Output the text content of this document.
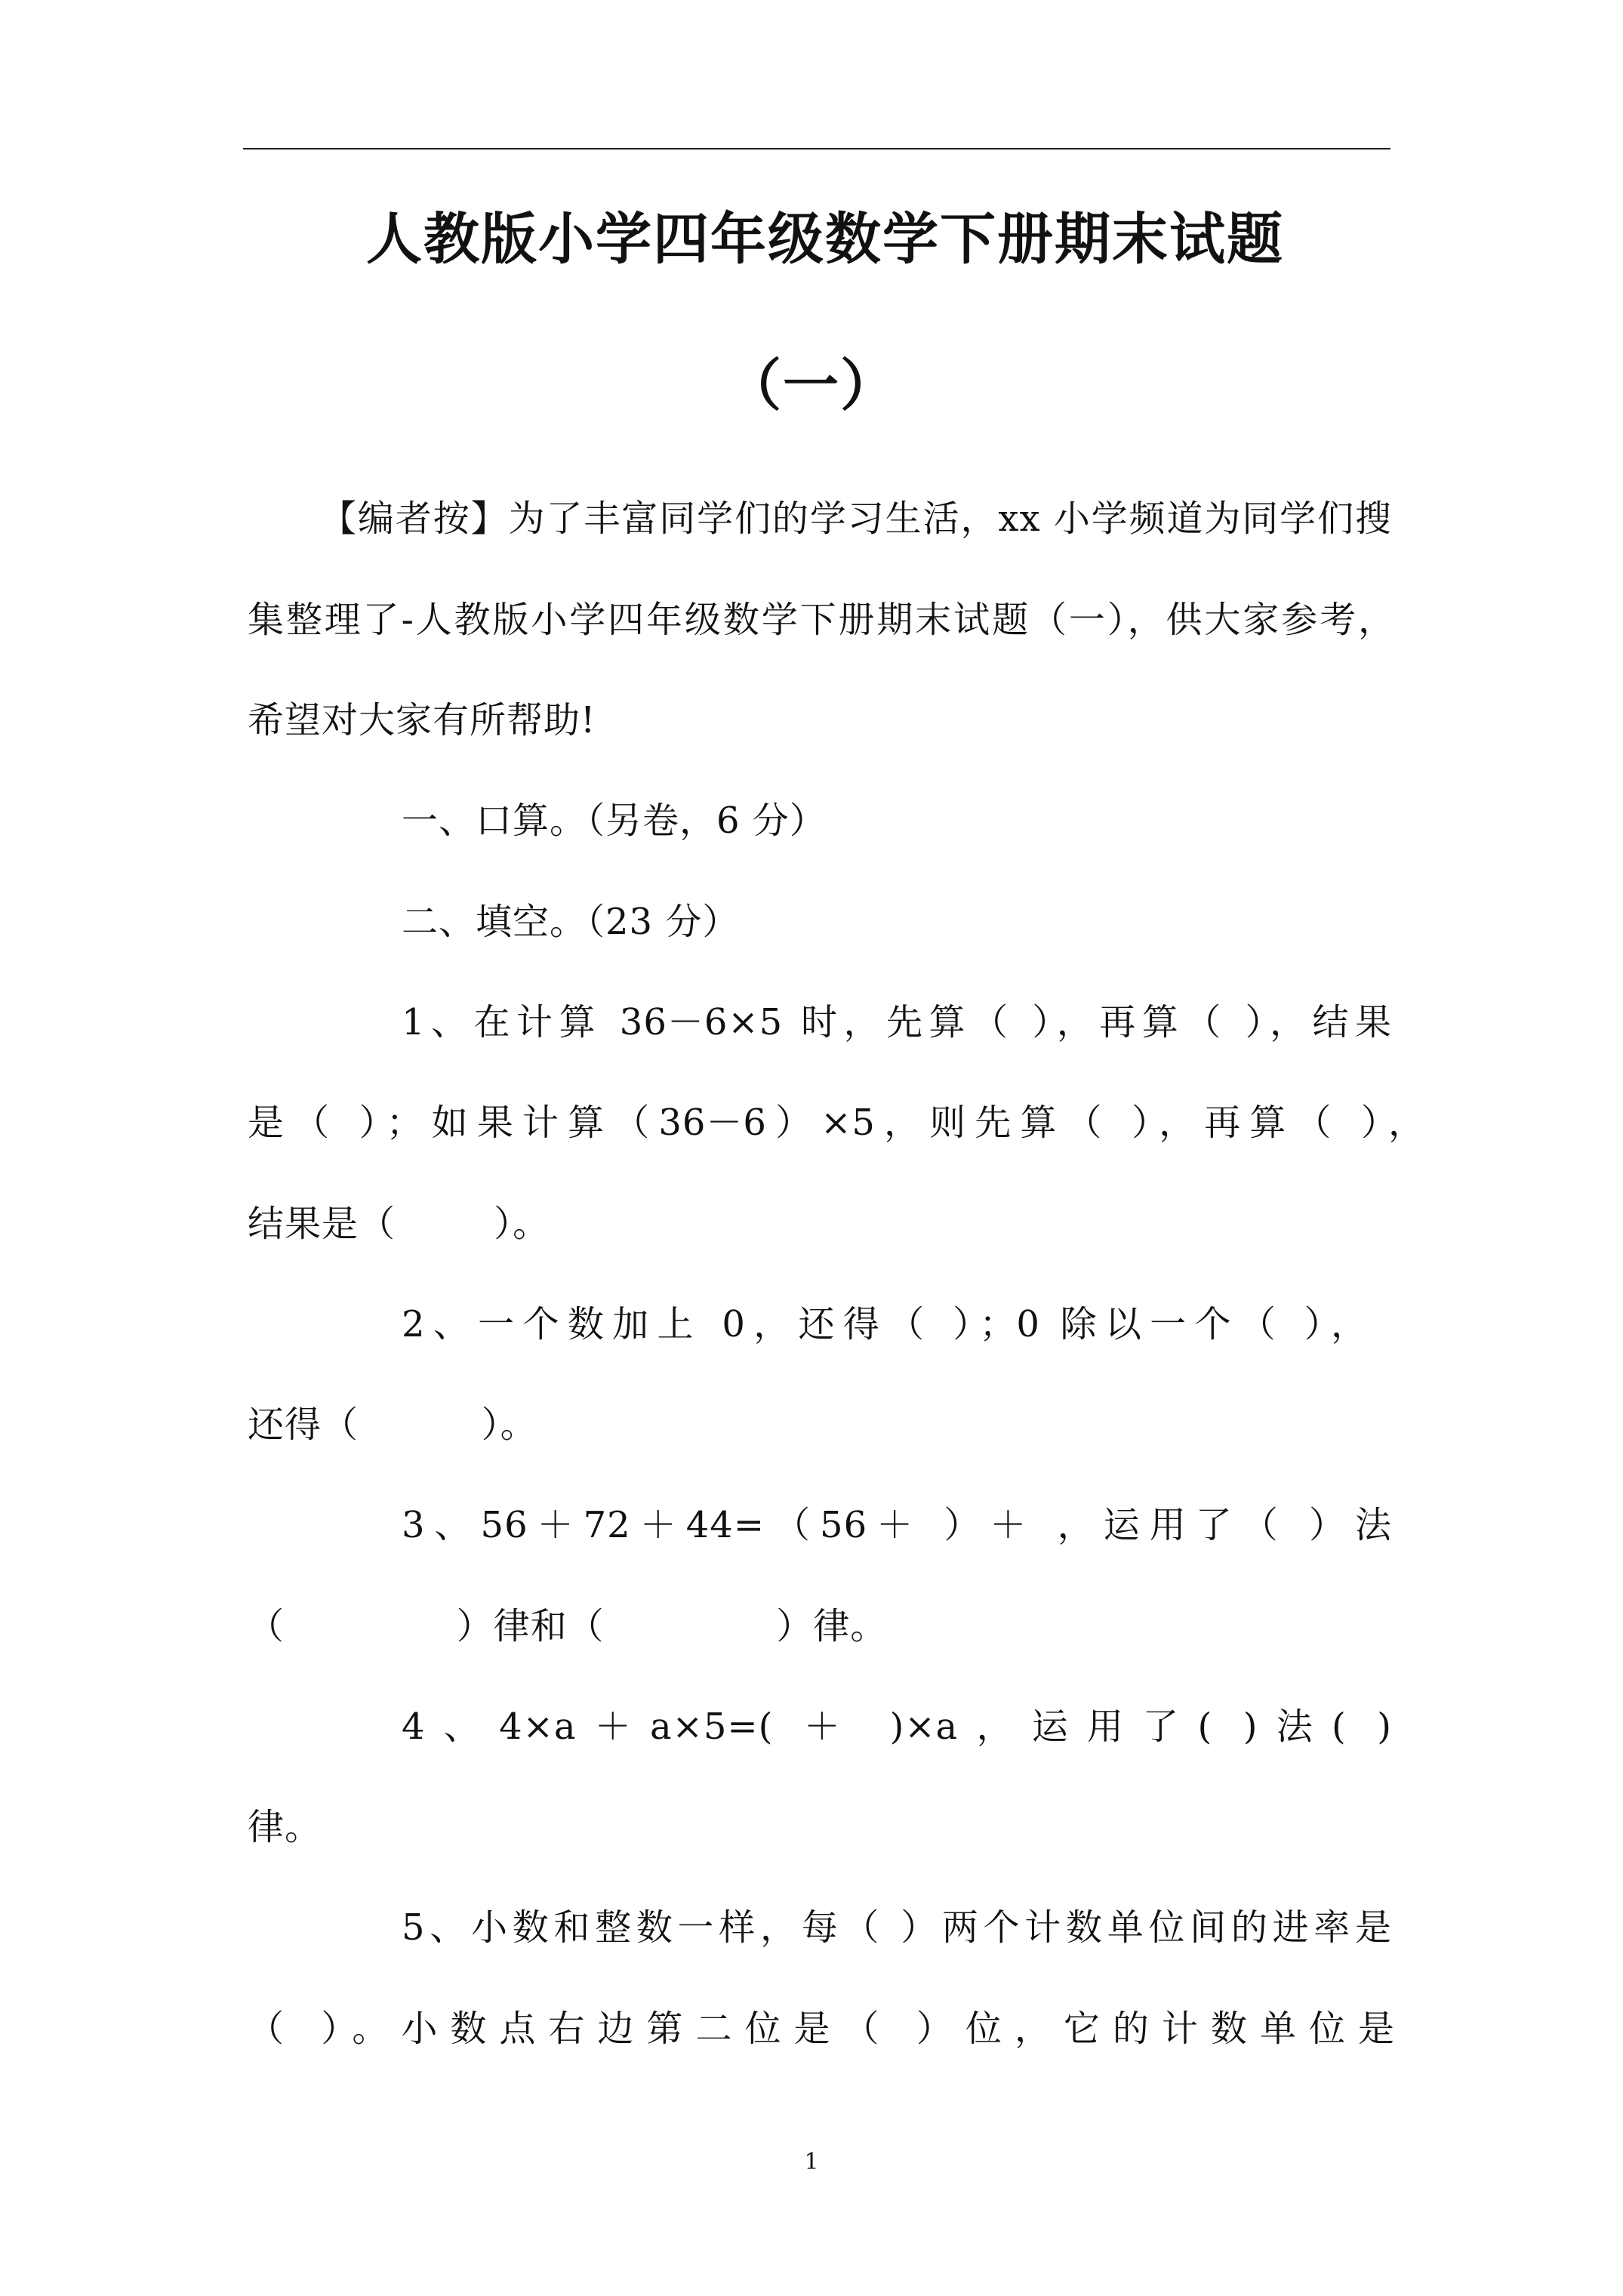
人教版小学四年级数学下册期末试题
（一）
【编者按】为了丰富同学们的学习生活，xx 小学频道为同学们搜
集整理了-人教版小学四年级数学下册期末试题（一），供大家参考，
希望对大家有所帮助!
一、口算。（另卷，6 分）
二、填空。（23 分）
1、在计算 36－6×5 时，先算（ ），再算（ ），结果
是（ ）；如果计算（36－6）×5，则先算（ ），再算（ ），
结果是（        ）。
2、一个数加上 0，还得（ ）；0 除以一个（ ），
还得（          ）。
3、56＋72＋44=（56＋ ）＋ ，运用了（ ）法
（              ）律和（              ）律。
4、4×a＋a×5=( ＋ )×a，运用了( )法( )
律。
5、小数和整数一样，每（ ）两个计数单位间的进率是
（ ）。小数点右边第二位是（ ）位，它的计数单位是
1
